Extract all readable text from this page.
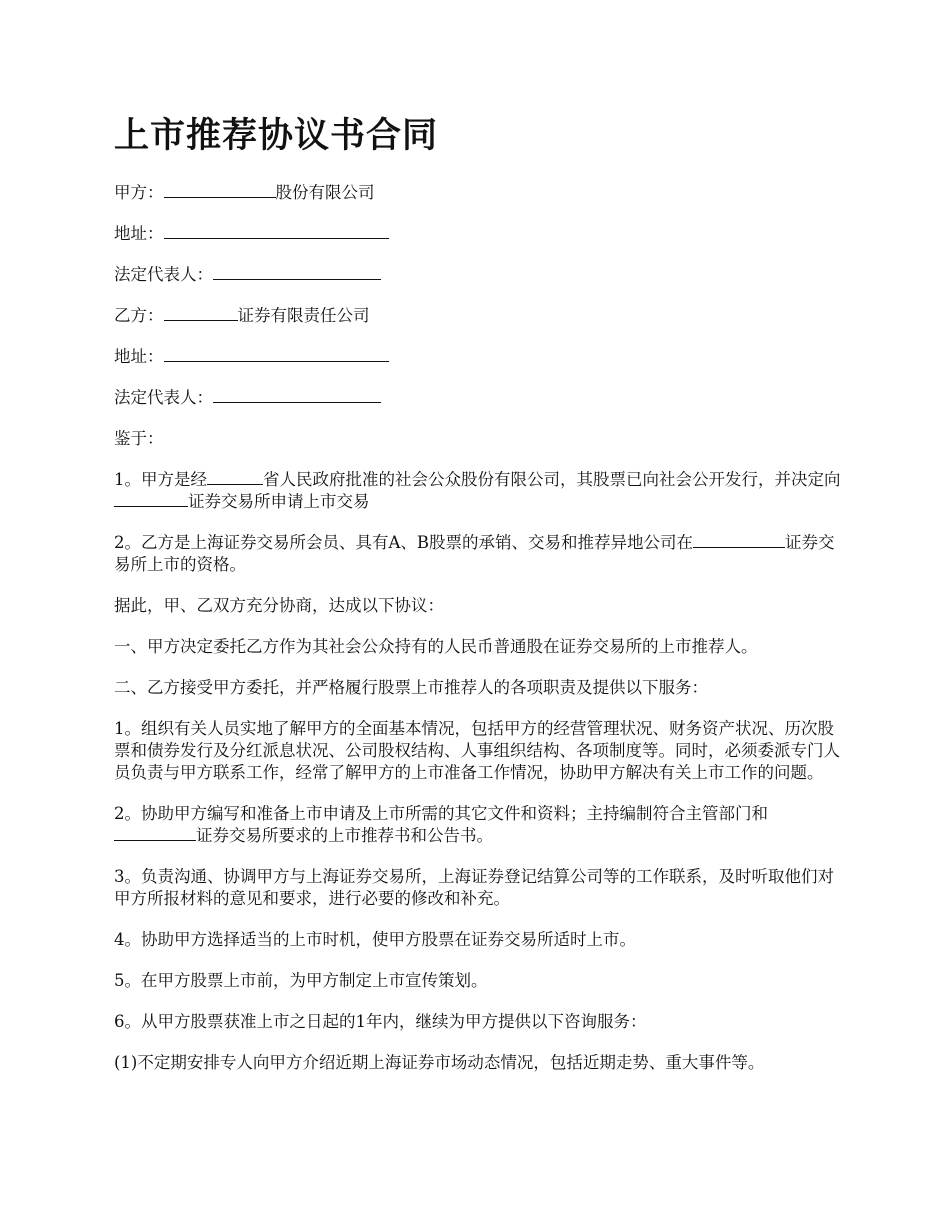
上市推荐协议书合同

甲方：	股份有限公司

地址：

法定代表人：

乙方：	证券有限责任公司

地址：

法定代表人：

鉴于：

1。甲方是经	省人民政府批准的社会公众股份有限公司，其股票已向社会公开发行，并决定向证券交易所申请上市交易

2。乙方是上海证券交易所会员、具有A、B股票的承销、交易和推荐异地公司在	证券交易所上市的资格。

据此，甲、乙双方充分协商，达成以下协议：

一、甲方决定委托乙方作为其社会公众持有的人民币普通股在证券交易所的上市推荐人。

二、乙方接受甲方委托，并严格履行股票上市推荐人的各项职责及提供以下服务：

1。组织有关人员实地了解甲方的全面基本情况，包括甲方的经营管理状况、财务资产状况、历次股票和债券发行及分红派息状况、公司股权结构、人事组织结构、各项制度等。同时，必须委派专门人员负责与甲方联系工作，经常了解甲方的上市准备工作情况，协助甲方解决有关上市工作的问题。

2。协助甲方编写和准备上市申请及上市所需的其它文件和资料；主持编制符合主管部门和证券交易所要求的上市推荐书和公告书。

3。负责沟通、协调甲方与上海证券交易所，上海证券登记结算公司等的工作联系，及时听取他们对甲方所报材料的意见和要求，进行必要的修改和补充。

4。协助甲方选择适当的上市时机，使甲方股票在证券交易所适时上市。

5。在甲方股票上市前，为甲方制定上市宣传策划。

6。从甲方股票获准上市之日起的1年内，继续为甲方提供以下咨询服务：

(1)不定期安排专人向甲方介绍近期上海证券市场动态情况，包括近期走势、重大事件等。
